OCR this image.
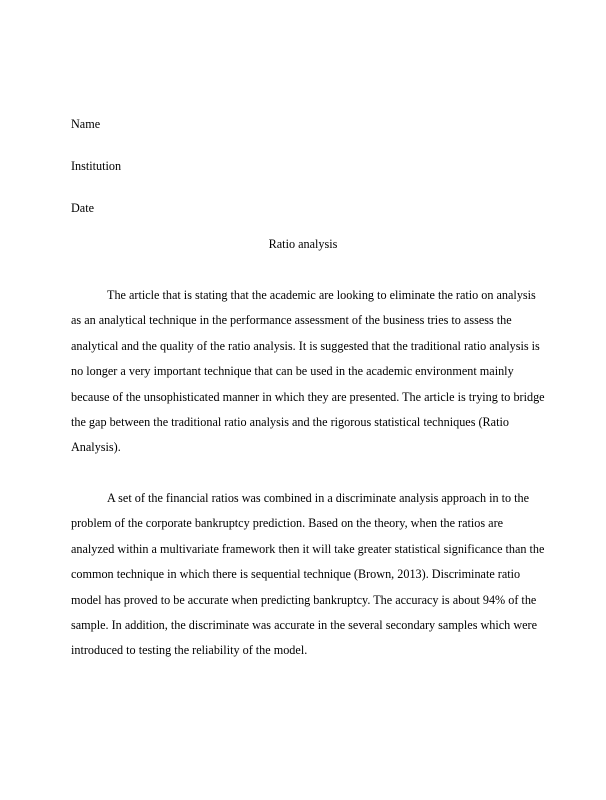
Name
Institution
Date
Ratio analysis
The article that is stating that the academic are looking to eliminate the ratio on analysis
as an analytical technique in the performance assessment of the business tries to assess the
analytical and the quality of the ratio analysis. It is suggested that the traditional ratio analysis is
no longer a very important technique that can be used in the academic environment mainly
because of the unsophisticated manner in which they are presented. The article is trying to bridge
the gap between the traditional ratio analysis and the rigorous statistical techniques (Ratio
Analysis).
A set of the financial ratios was combined in a discriminate analysis approach in to the
problem of the corporate bankruptcy prediction. Based on the theory, when the ratios are
analyzed within a multivariate framework then it will take greater statistical significance than the
common technique in which there is sequential technique (Brown, 2013). Discriminate ratio
model has proved to be accurate when predicting bankruptcy. The accuracy is about 94% of the
sample. In addition, the discriminate was accurate in the several secondary samples which were
introduced to testing the reliability of the model.
